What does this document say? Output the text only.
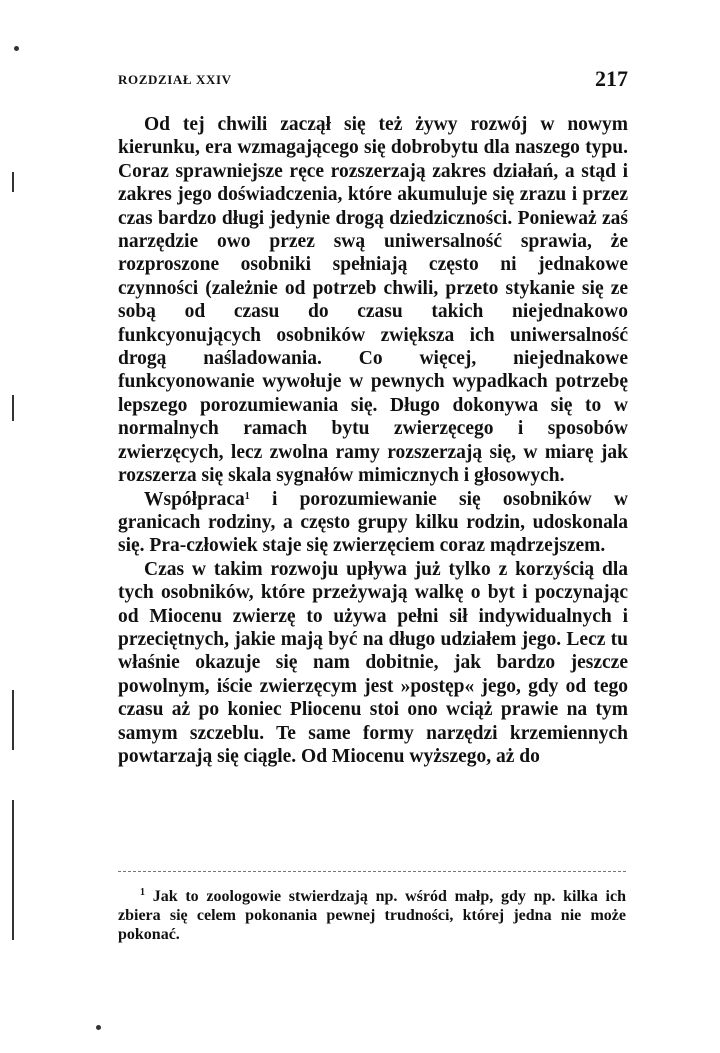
ROZDZIAŁ XXIV	217

Od tej chwili zaczął się też żywy rozwój w nowym kierunku, era wzmagającego się dobrobytu dla naszego typu. Coraz sprawniejsze ręce rozszerzają zakres działań, a stąd i zakres jego doświadczenia, które akumuluje się zrazu i przez czas bardzo długi jedynie drogą dziedziczności. Ponieważ zaś narzędzie owo przez swą uniwersalność sprawia, że rozproszone osobniki spełniają często ni jednakowe czynności (zależnie od potrzeb chwili, przeto stykanie się ze sobą od czasu do czasu takich niejednakowo funkcyonujących osobników zwiększa ich uniwersalność drogą naśladowania. Co więcej, niejednakowe funkcyonowanie wywołuje w pewnych wypadkach potrzebę lepszego porozumiewania się. Długo dokonywa się to w normalnych ramach bytu zwierzęcego i sposobów zwierzęcych, lecz zwolna ramy rozszerzają się, w miarę jak rozszerza się skala sygnałów mimicznych i głosowych.

Współpraca$^1$ i porozumiewanie się osobników w granicach rodziny, a często grupy kilku rodzin, udoskonala się. Pra-człowiek staje się zwierzęciem coraz mądrzejszem.

Czas w takim rozwoju upływa już tylko z korzyścią dla tych osobników, które przeżywają walkę o byt i poczynając od Miocenu zwierzę to używa pełni sił indywidualnych i przeciętnych, jakie mają być na długo udziałem jego. Lecz tu właśnie okazuje się nam dobitnie, jak bardzo jeszcze powolnym, iście zwierzęcym jest »postęp« jego, gdy od tego czasu aż po koniec Pliocenu stoi ono wciąż prawie na tym samym szczeblu. Te same formy narzędzi krzemiennych powtarzają się ciągle. Od Miocenu wyższego, aż do

$^1$ Jak to zoologowie stwierdzają np. wśród małp, gdy np. kilka ich zbiera się celem pokonania pewnej trudności, której jedna nie może pokonać.
